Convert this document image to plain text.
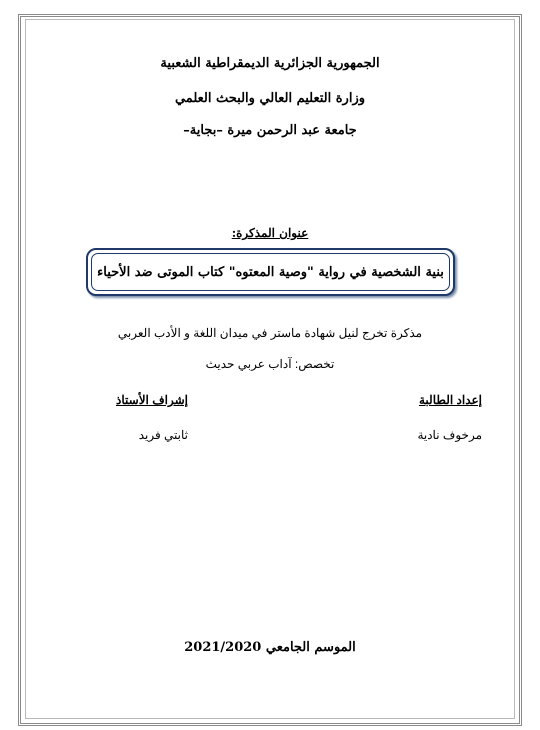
الجمهورية الجزائرية الديمقراطية الشعبية
وزارة التعليم العالي والبحث العلمي
جامعة عبد الرحمن ميرة –بجاية–
عنوان المذكرة:
بنية الشخصية في رواية "وصية المعتوه" كتاب الموتى ضد الأحياء
مذكرة تخرج لنيل شهادة ماستر في ميدان اللغة و الأدب العربي
تخصص: آداب عربي حديث
إعداد الطالبة
مرخوف نادية
إشراف الأستاذ
ثابتي فريد
الموسم الجامعي 2021/2020
